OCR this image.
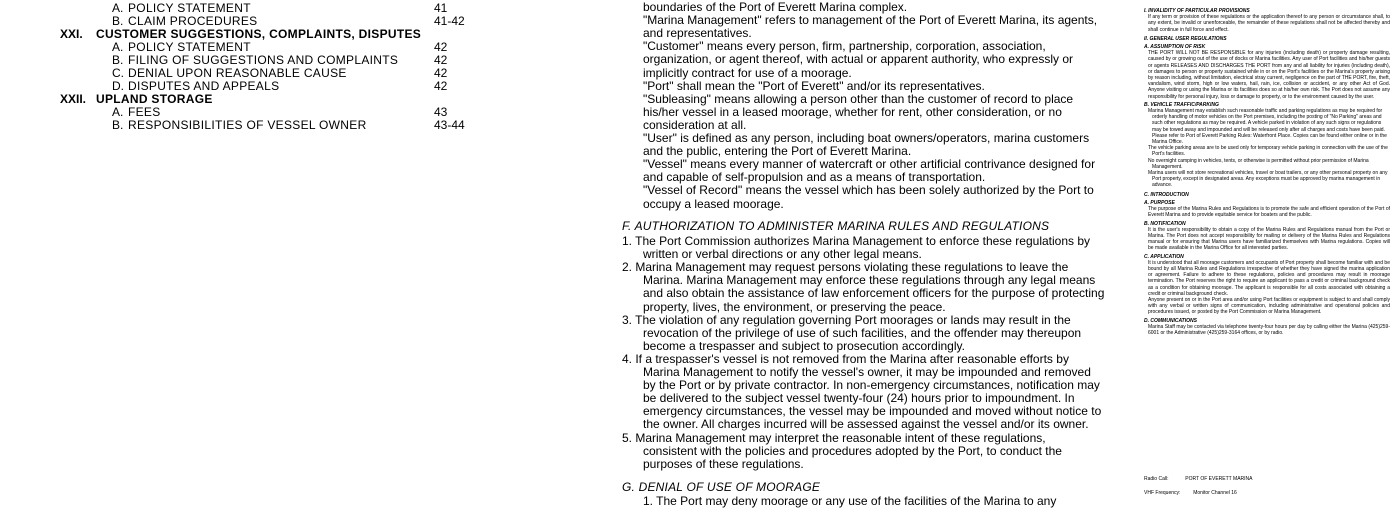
A. POLICY STATEMENT	41
B. CLAIM PROCEDURES	41-42
XXI. CUSTOMER SUGGESTIONS, COMPLAINTS, DISPUTES
A. POLICY STATEMENT	42
B. FILING OF SUGGESTIONS AND COMPLAINTS	42
C. DENIAL UPON REASONABLE CAUSE	42
D. DISPUTES AND APPEALS	42
XXII. UPLAND STORAGE
A. FEES	43
B. RESPONSIBILITIES OF VESSEL OWNER	43-44
boundaries of the Port of Everett Marina complex.
"Marina Management" refers to management of the Port of Everett Marina, its agents,
and representatives.
"Customer" means every person, firm, partnership, corporation, association,
organization, or agent thereof, with actual or apparent authority, who expressly or
implicitly contract for use of a moorage.
"Port" shall mean the "Port of Everett" and/or its representatives.
"Subleasing" means allowing a person other than the customer of record to place
his/her vessel in a leased moorage, whether for rent, other consideration, or no
consideration at all.
"User" is defined as any person, including boat owners/operators, marina customers
and the public, entering the Port of Everett Marina.
"Vessel" means every manner of watercraft or other artificial contrivance designed for
and capable of self-propulsion and as a means of transportation.
"Vessel of Record" means the vessel which has been solely authorized by the Port to
occupy a leased moorage.
F. AUTHORIZATION TO ADMINISTER MARINA RULES AND REGULATIONS
1. The Port Commission authorizes Marina Management to enforce these regulations by
written or verbal directions or any other legal means.
2. Marina Management may request persons violating these regulations to leave the
Marina. Marina Management may enforce these regulations through any legal means
and also obtain the assistance of law enforcement officers for the purpose of protecting
property, lives, the environment, or preserving the peace.
3. The violation of any regulation governing Port moorages or lands may result in the
revocation of the privilege of use of such facilities, and the offender may thereupon
become a trespasser and subject to prosecution accordingly.
4. If a trespasser's vessel is not removed from the Marina after reasonable efforts by
Marina Management to notify the vessel's owner, it may be impounded and removed
by the Port or by private contractor. In non-emergency circumstances, notification may
be delivered to the subject vessel twenty-four (24) hours prior to impoundment. In
emergency circumstances, the vessel may be impounded and moved without notice to
the owner. All charges incurred will be assessed against the vessel and/or its owner.
5. Marina Management may interpret the reasonable intent of these regulations,
consistent with the policies and procedures adopted by the Port, to conduct the
purposes of these regulations.
G. DENIAL OF USE OF MOORAGE
1. The Port may deny moorage or any use of the facilities of the Marina to any
I. INVALIDITY OF PARTICULAR PROVISIONS
If any term or provision of these regulations or the application thereof to any person or circumstance shall, to any extent, be invalid or unenforceable, the remainder of these regulations shall not be affected thereby and shall continue in full force and effect.
II. GENERAL USER REGULATIONS
A. ASSUMPTION OF RISK
THE PORT WILL NOT BE RESPONSIBLE for any injuries (including death) or property damage resulting, caused by or growing out of the use of docks or Marina facilities. Any user of Port facilities and his/her guests or agents RELEASES AND DISCHARGES THE PORT from any and all liability for injuries (including death), or damages to person or property sustained while in or on the Port's facilities or the Marina's property arising by reason including, without limitation, electrical stray current, negligence on the part of THE PORT, fire, theft, vandalism, wind storm, high or low waters, hail, rain, ice, collision or accident, or any other Act of God. Anyone visiting or using the Marina or its facilities does so at his/her own risk. The Port does not assume any responsibility for personal injury, loss or damage to property, or to the environment caused by the user.
B. VEHICLE TRAFFIC/PARKING
Marina Management may establish such reasonable traffic and parking regulations as may be required for orderly handling of motor vehicles on the Port premises, including the posting of "No Parking" areas and such other regulations as may be required. A vehicle parked in violation of any such signs or regulations may be towed away and impounded and will be released only after all charges and costs have been paid. Please refer to Port of Everett Parking Rules: Waterfront Place. Copies can be found either online or in the Marina Office.
The vehicle parking areas are to be used only for temporary vehicle parking in connection with the use of the Port's facilities.
No overnight camping in vehicles, tents, or otherwise is permitted without prior permission of Marina Management.
Marina users will not store recreational vehicles, travel or boat trailers, or any other personal property on any Port property, except in designated areas. Any exceptions must be approved by marina management in advance.
C. INTRODUCTION
A. PURPOSE
The purpose of the Marina Rules and Regulations is to promote the safe and efficient operation of the Port of Everett Marina and to provide equitable service for boaters and the public.
B. NOTIFICATION
It is the user's responsibility to obtain a copy of the Marina Rules and Regulations manual from the Port or Marina. The Port does not accept responsibility for mailing or delivery of the Marina Rules and Regulations manual or for ensuring that Marina users have familiarized themselves with Marina regulations. Copies will be made available in the Marina Office for all interested parties.
C. APPLICATION
It is understood that all moorage customers and occupants of Port property shall become familiar with and be bound by all Marina Rules and Regulations irrespective of whether they have signed the marina application or agreement. Failure to adhere to these regulations, policies and procedures may result in moorage termination. The Port reserves the right to require an applicant to pass a credit or criminal background check as a condition for obtaining moorage. The applicant is responsible for all costs associated with obtaining a credit or criminal background check.
Anyone present on or in the Port area and/or using Port facilities or equipment is subject to and shall comply with any verbal or written signs of communication, including administrative and operational policies and procedures issued, or posted by the Port Commission or Marina Management.
D. COMMUNICATIONS
Marina Staff may be contacted via telephone twenty-four hours per day by calling either the Marina (425)259-6001 or the Administrative (425)259-3164 offices, or by radio.
Radio Call:	PORT OF EVERETT MARINA
VHF Frequency:	Monitor Channel 16
